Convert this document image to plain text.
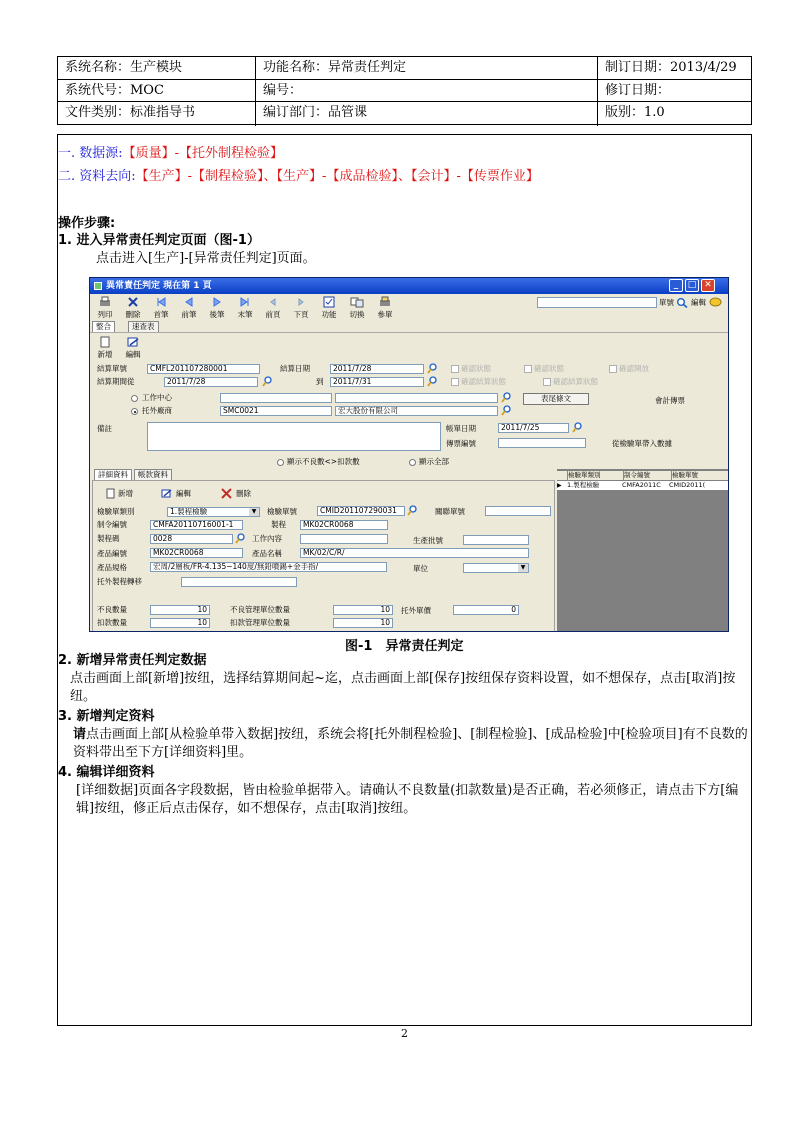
系统名称：生产模块	功能名称：异常责任判定	制订日期：2013/4/29
系统代号：MOC	编号：	修订日期：
文件类别：标准指导书	编订部门：品管课	版别：1.0
一. 数据源:【质量】-【托外制程检验】
二. 资料去向:【生产】-【制程检验】、【生产】-【成品检验】、【会计】-【传票作业】
操作步骤:
1. 进入异常责任判定页面（图-1）
点击进入[生产]-[异常责任判定]页面。
異常責任判定 現在第 1 頁	_	□ ✕
列印	刪除	首筆	前筆	後筆	末筆	前頁	下頁	功能	切換	參單
單號 編輯
整合	速查表
新增	編輯
結算單號	CMFL201107280001	結算日期	2011/7/28	確認狀態	確認狀態	確認開放
結算期間從	2011/7/28	到	2011/7/31	確認結算狀態	確認結算狀態
工作中心	表尾條文	會計傳票
托外廠商	SMC0021	宏大股份有限公司
備註	帳單日期	2011/7/25
傳票編號	從檢驗單帶入數據
顯示不良數<>扣款數	顯示全部
詳細資料	帳款資料
新增	編輯	刪除
檢驗單類別	1.製程檢驗	▼	檢驗單號	CMID201107290031	關聯單號
制令編號	CMFA20110716001-1	製程	MK02CR0068
製程碼	0028	工作內容	生產批號
產品編號	MK02CR0068	產品名稱	MK/02/C/R/
產品規格	宏周/2層板/FR-4.135~140度/無鉛噴錫+金手指/	單位	▼
托外製程轉移
不良數量	10	不良管理單位數量	10	托外單價	0
扣款數量	10	扣款管理單位數量	10
檢驗單類別	制令編號	檢驗單號
▶ 1.製程檢驗	CMFA2011C CMID2011(
图-1　异常责任判定
2. 新增异常责任判定数据
点击画面上部[新增]按纽，选择结算期间起~迄，点击画面上部[保存]按纽保存资料设置，如不想保存，点击[取消]按纽。
3. 新增判定资料
请点击画面上部[从检验单带入数据]按纽，系统会将[托外制程检验]、[制程检验]、[成品检验]中[检验项目]有不良数的资料带出至下方[详细资料]里。
4. 编辑详细资料
[详细数据]页面各字段数据，皆由检验单据带入。请确认不良数量(扣款数量)是否正确，若必须修正，请点击下方[编辑]按纽，修正后点击保存，如不想保存，点击[取消]按纽。
2
